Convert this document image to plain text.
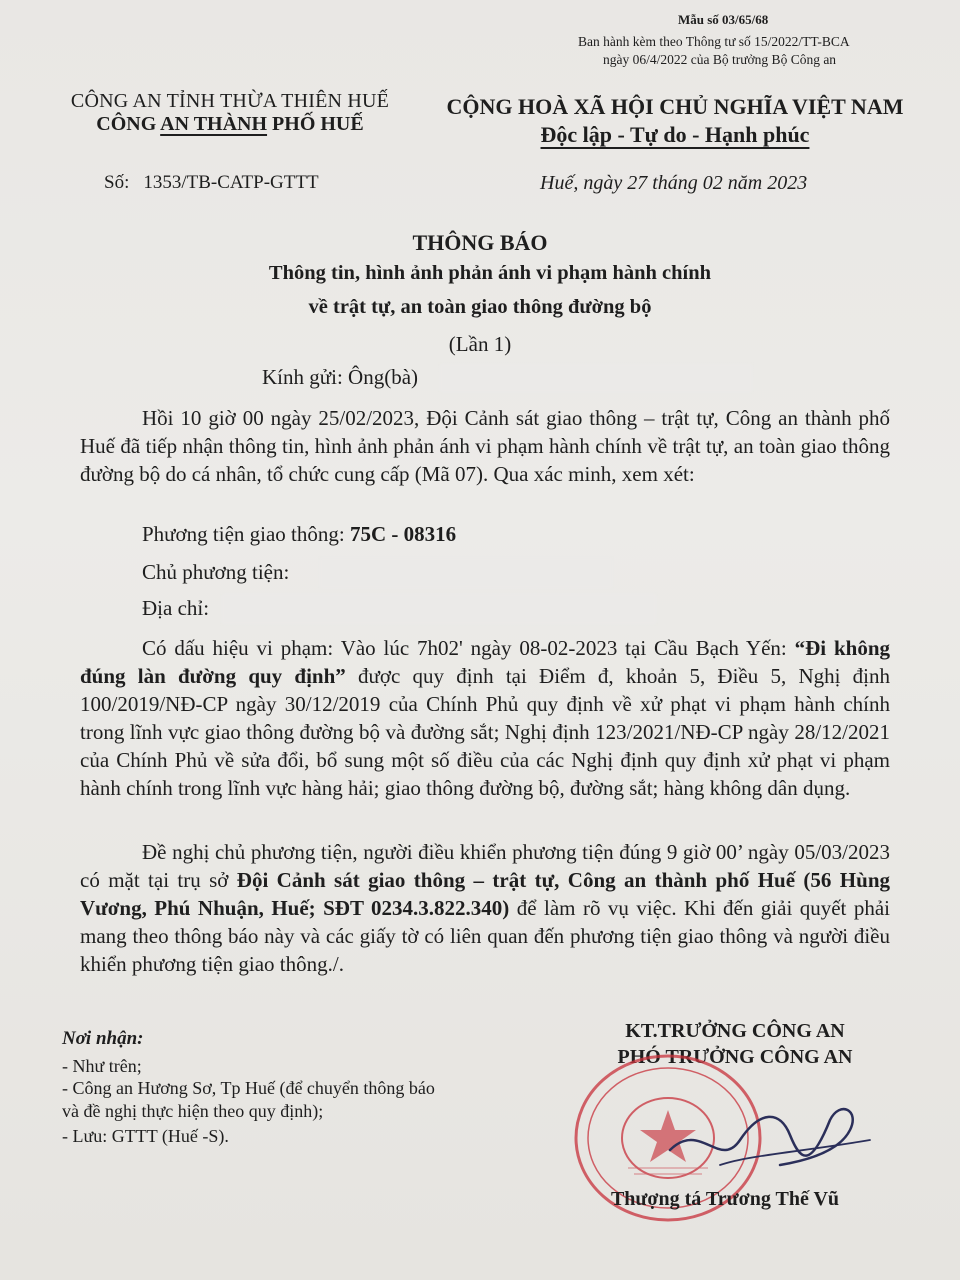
Mẫu số 03/65/68
Ban hành kèm theo Thông tư số 15/2022/TT-BCA
ngày 06/4/2022 của Bộ trưởng Bộ Công an
CÔNG AN TỈNH THỪA THIÊN HUẾ
CÔNG AN THÀNH PHỐ HUẾ
CỘNG HOÀ XÃ HỘI CHỦ NGHĨA VIỆT NAM
Độc lập - Tự do - Hạnh phúc
Số: 1353/TB-CATP-GTTT	Huế, ngày 27 tháng 02 năm 2023
THÔNG BÁO
Thông tin, hình ảnh phản ánh vi phạm hành chính
về trật tự, an toàn giao thông đường bộ
(Lần 1)
Kính gửi: Ông(bà)
Hồi 10 giờ 00 ngày 25/02/2023, Đội Cảnh sát giao thông – trật tự, Công an thành phố Huế đã tiếp nhận thông tin, hình ảnh phản ánh vi phạm hành chính về trật tự, an toàn giao thông đường bộ do cá nhân, tổ chức cung cấp (Mã 07). Qua xác minh, xem xét:
Phương tiện giao thông: 75C - 08316
Chủ phương tiện:
Địa chỉ:
Có dấu hiệu vi phạm: Vào lúc 7h02' ngày 08-02-2023 tại Cầu Bạch Yến: “Đi không đúng làn đường quy định” được quy định tại Điểm đ, khoản 5, Điều 5, Nghị định 100/2019/NĐ-CP ngày 30/12/2019 của Chính Phủ quy định về xử phạt vi phạm hành chính trong lĩnh vực giao thông đường bộ và đường sắt; Nghị định 123/2021/NĐ-CP ngày 28/12/2021 của Chính Phủ về sửa đổi, bổ sung một số điều của các Nghị định quy định xử phạt vi phạm hành chính trong lĩnh vực hàng hải; giao thông đường bộ, đường sắt; hàng không dân dụng.
Đề nghị chủ phương tiện, người điều khiển phương tiện đúng 9 giờ 00’ ngày 05/03/2023 có mặt tại trụ sở Đội Cảnh sát giao thông – trật tự, Công an thành phố Huế (56 Hùng Vương, Phú Nhuận, Huế; SĐT 0234.3.822.340) để làm rõ vụ việc. Khi đến giải quyết phải mang theo thông báo này và các giấy tờ có liên quan đến phương tiện giao thông và người điều khiển phương tiện giao thông./.
Nơi nhận:
- Như trên;
- Công an Hương Sơ, Tp Huế (để chuyển thông báo
và đề nghị thực hiện theo quy định);
- Lưu: GTTT (Huế -S).
KT.TRƯỞNG CÔNG AN
PHÓ TRƯỞNG CÔNG AN
Thượng tá Trương Thế Vũ
